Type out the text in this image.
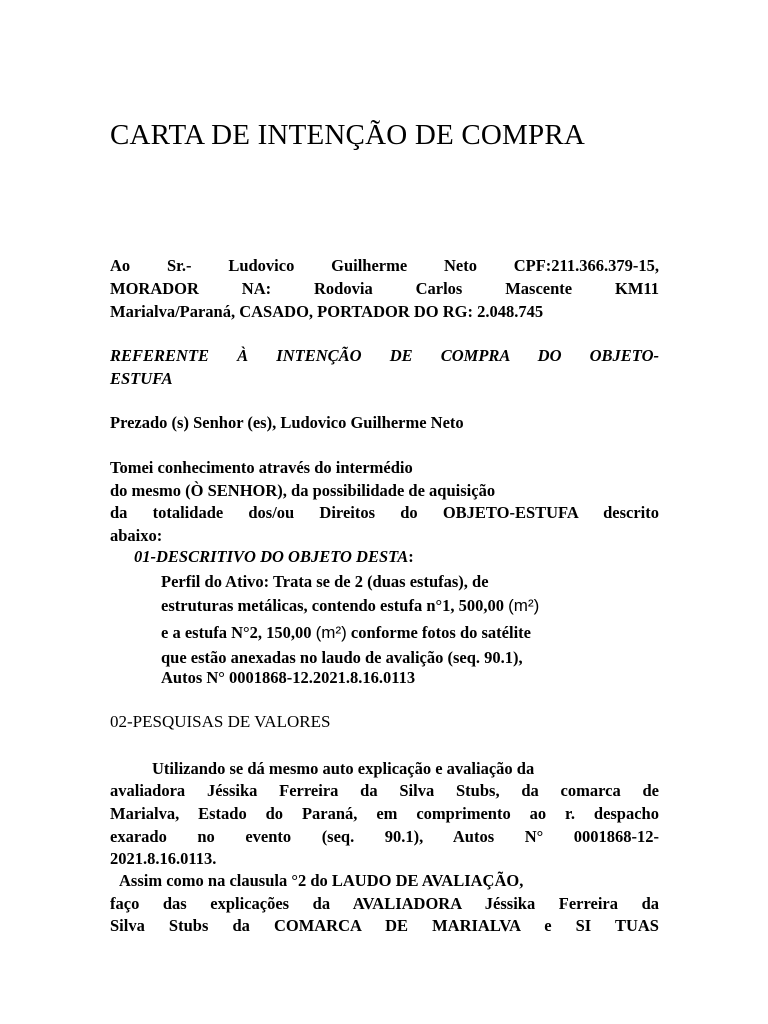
CARTA DE INTENÇÃO DE COMPRA

Ao Sr.- Ludovico Guilherme Neto CPF:211.366.379-15,

MORADOR NA: Rodovia Carlos Mascente KM11

Marialva/Paraná, CASADO, PORTADOR DO RG: 2.048.745

REFERENTE À INTENÇÃO DE COMPRA DO OBJETO-

ESTUFA

Prezado (s) Senhor (es), Ludovico Guilherme Neto

Tomei conhecimento através do intermédio

do mesmo (Ò SENHOR), da possibilidade de aquisição

da totalidade dos/ou Direitos do OBJETO-ESTUFA descrito

abaixo:

01-DESCRITIVO DO OBJETO DESTA:

Perfil do Ativo: Trata se de 2 (duas estufas), de

estruturas metálicas, contendo estufa n°1, 500,00 (m²)

e a estufa N°2, 150,00 (m²) conforme fotos do satélite

que estão anexadas no laudo de avalição (seq. 90.1),

Autos N° 0001868-12.2021.8.16.0113

02-PESQUISAS DE VALORES

Utilizando se dá mesmo auto explicação e avaliação da

avaliadora Jéssika Ferreira da Silva Stubs, da comarca de

Marialva, Estado do Paraná, em comprimento ao r. despacho

exarado no evento (seq. 90.1), Autos N° 0001868-12-

2021.8.16.0113.

Assim como na clausula °2 do LAUDO DE AVALIAÇÃO,

faço das explicações da AVALIADORA Jéssika Ferreira da

Silva Stubs da COMARCA DE MARIALVA e SI TUAS
